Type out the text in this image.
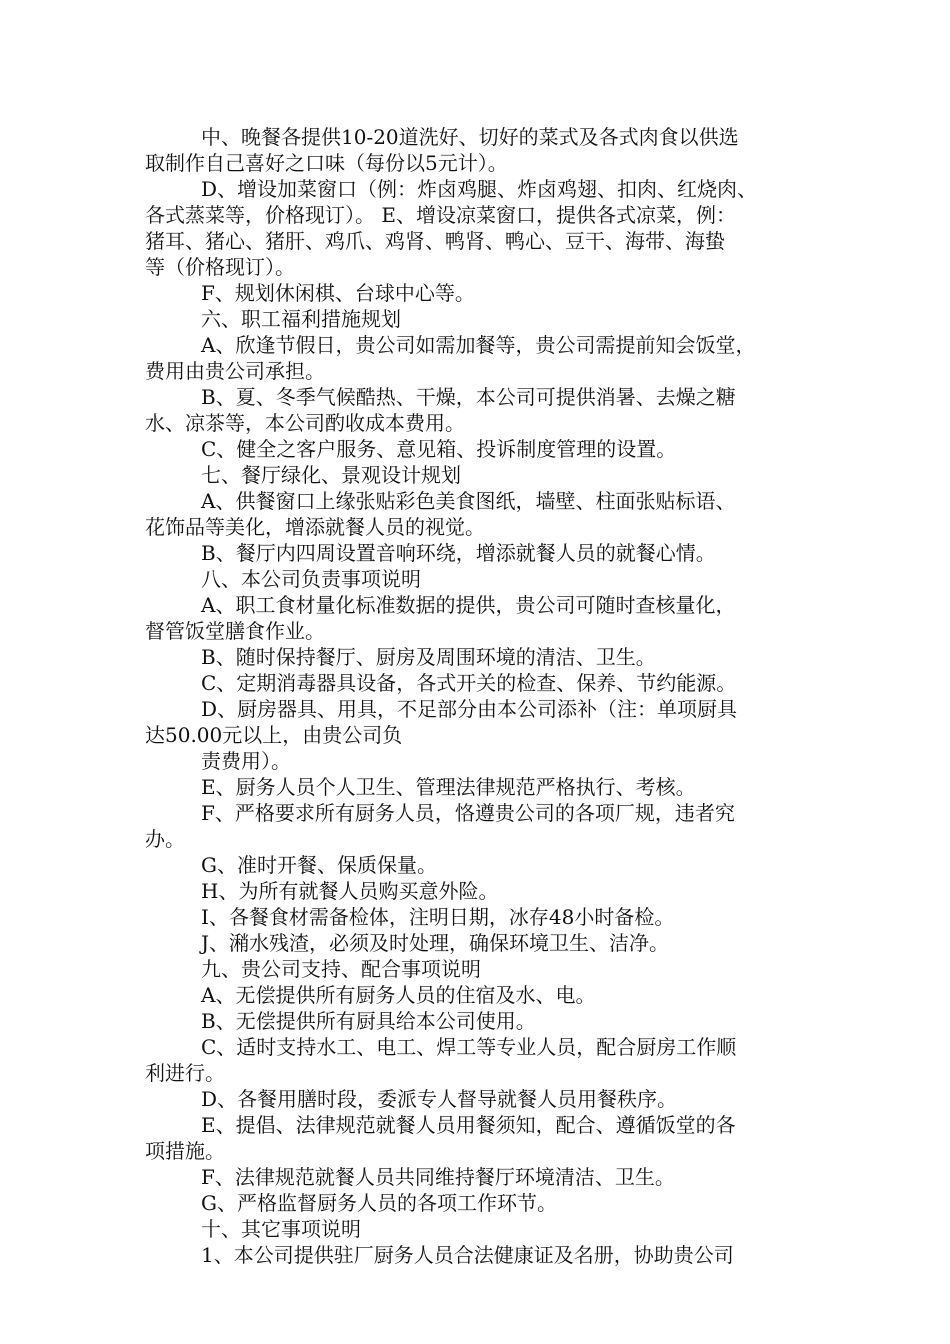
中、晚餐各提供10-20道洗好、切好的菜式及各式肉食以供选
取制作自己喜好之口味（每份以5元计）。
D、增设加菜窗口（例：炸卤鸡腿、炸卤鸡翅、扣肉、红烧肉、
各式蒸菜等，价格现订）。 E、增设凉菜窗口，提供各式凉菜，例：
猪耳、猪心、猪肝、鸡爪、鸡肾、鸭肾、鸭心、豆干、海带、海蛰
等（价格现订）。
F、规划休闲棋、台球中心等。
六、职工福利措施规划
A、欣逢节假日，贵公司如需加餐等，贵公司需提前知会饭堂，
费用由贵公司承担。
B、夏、冬季气候酷热、干燥，本公司可提供消暑、去燥之糖
水、凉茶等，本公司酌收成本费用。
C、健全之客户服务、意见箱、投诉制度管理的设置。
七、餐厅绿化、景观设计规划
A、供餐窗口上缘张贴彩色美食图纸，墙壁、柱面张贴标语、
花饰品等美化，增添就餐人员的视觉。
B、餐厅内四周设置音响环绕，增添就餐人员的就餐心情。
八、本公司负责事项说明
A、职工食材量化标准数据的提供，贵公司可随时查核量化，
督管饭堂膳食作业。
B、随时保持餐厅、厨房及周围环境的清洁、卫生。
C、定期消毒器具设备，各式开关的检查、保养、节约能源。
D、厨房器具、用具，不足部分由本公司添补（注：单项厨具
达50.00元以上，由贵公司负
责费用）。
E、厨务人员个人卫生、管理法律规范严格执行、考核。
F、严格要求所有厨务人员，恪遵贵公司的各项厂规，违者究
办。
G、准时开餐、保质保量。
H、为所有就餐人员购买意外险。
I、各餐食材需备检体，注明日期，冰存48小时备检。
J、潲水残渣，必须及时处理，确保环境卫生、洁净。
九、贵公司支持、配合事项说明
A、无偿提供所有厨务人员的住宿及水、电。
B、无偿提供所有厨具给本公司使用。
C、适时支持水工、电工、焊工等专业人员，配合厨房工作顺
利进行。
D、各餐用膳时段，委派专人督导就餐人员用餐秩序。
E、提倡、法律规范就餐人员用餐须知，配合、遵循饭堂的各
项措施。
F、法律规范就餐人员共同维持餐厅环境清洁、卫生。
G、严格监督厨务人员的各项工作环节。
十、其它事项说明
1、本公司提供驻厂厨务人员合法健康证及名册，协助贵公司
